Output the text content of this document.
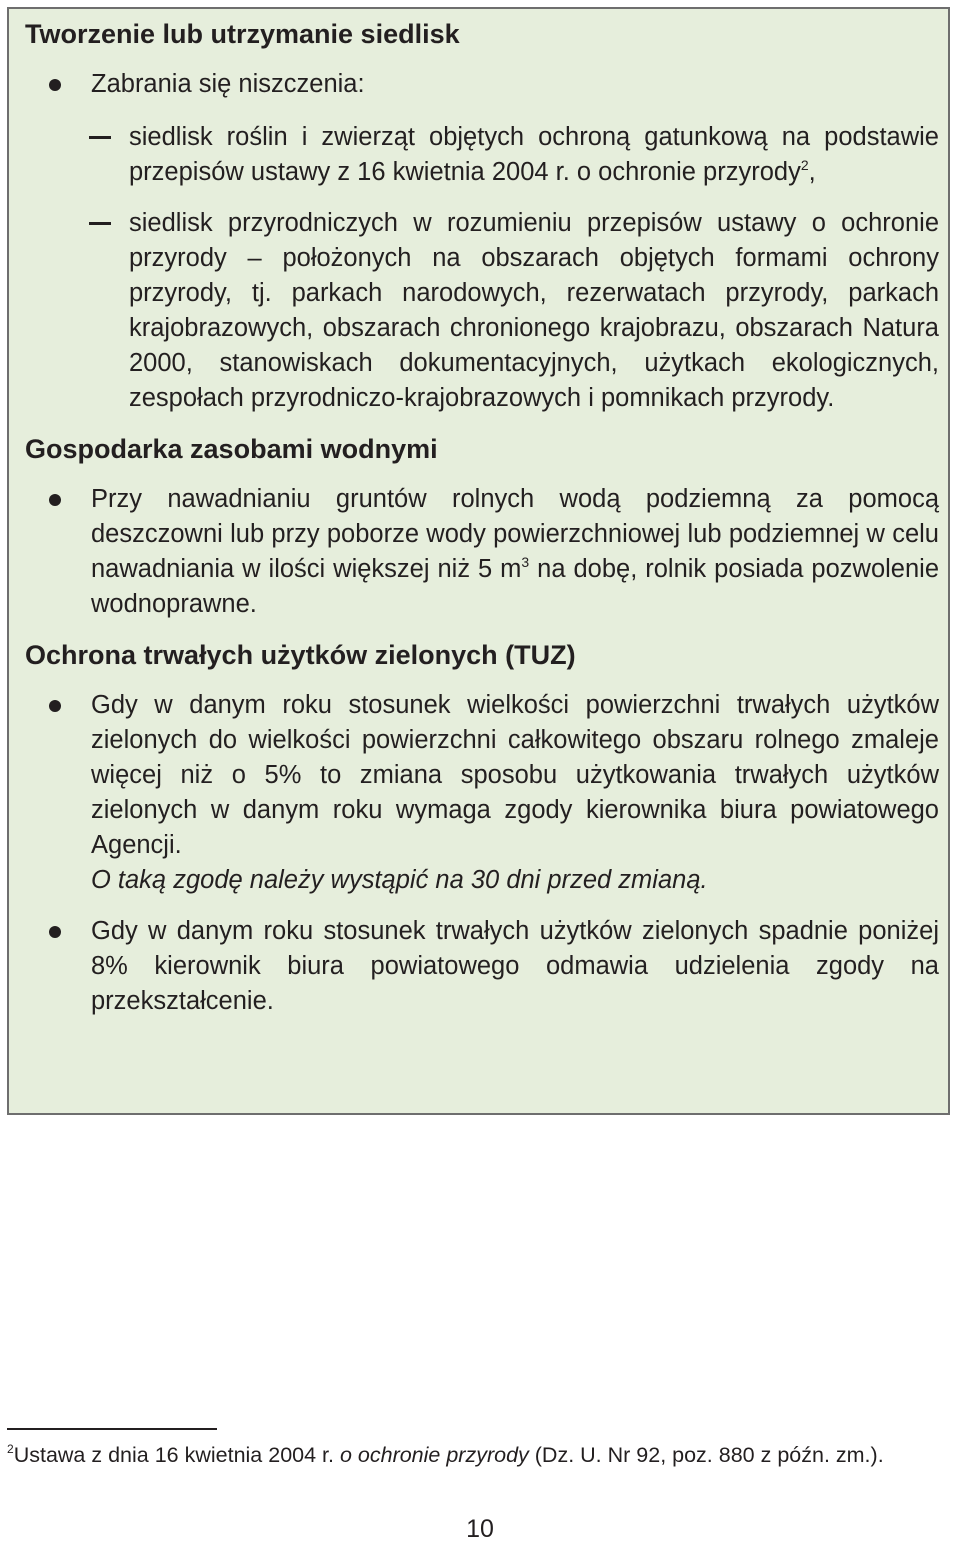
Tworzenie lub utrzymanie siedlisk
Zabrania się niszczenia:
siedlisk roślin i zwierząt objętych ochroną gatunkową na podstawie przepisów ustawy z 16 kwietnia 2004 r. o ochronie przyrody$^2$,
siedlisk przyrodniczych w rozumieniu przepisów ustawy o ochronie przyrody – położonych na obszarach objętych formami ochrony przyrody, tj. parkach narodowych, rezerwatach przyrody, parkach krajobrazowych, obszarach chronionego krajobrazu, obszarach Natura 2000, stanowiskach dokumentacyjnych, użytkach ekologicznych, zespołach przyrodniczo-krajobrazowych i pomnikach przyrody.
Gospodarka zasobami wodnymi
Przy nawadnianiu gruntów rolnych wodą podziemną za pomocą deszczowni lub przy poborze wody powierzchniowej lub podziemnej w celu nawadniania w ilości większej niż 5 $m^3$ na dobę, rolnik posiada pozwolenie wodnoprawne.
Ochrona trwałych użytków zielonych (TUZ)
Gdy w danym roku stosunek wielkości powierzchni trwałych użytków zielonych do wielkości powierzchni całkowitego obszaru rolnego zmaleje więcej niż o 5% to zmiana sposobu użytkowania trwałych użytków zielonych w danym roku wymaga zgody kierownika biura powiatowego Agencji.
O taką zgodę należy wystąpić na 30 dni przed zmianą.
Gdy w danym roku stosunek trwałych użytków zielonych spadnie poniżej 8% kierownik biura powiatowego odmawia udzielenia zgody na przekształcenie.
$^2$Ustawa z dnia 16 kwietnia 2004 r. o ochronie przyrody (Dz. U. Nr 92, poz. 880 z późn. zm.).
10
